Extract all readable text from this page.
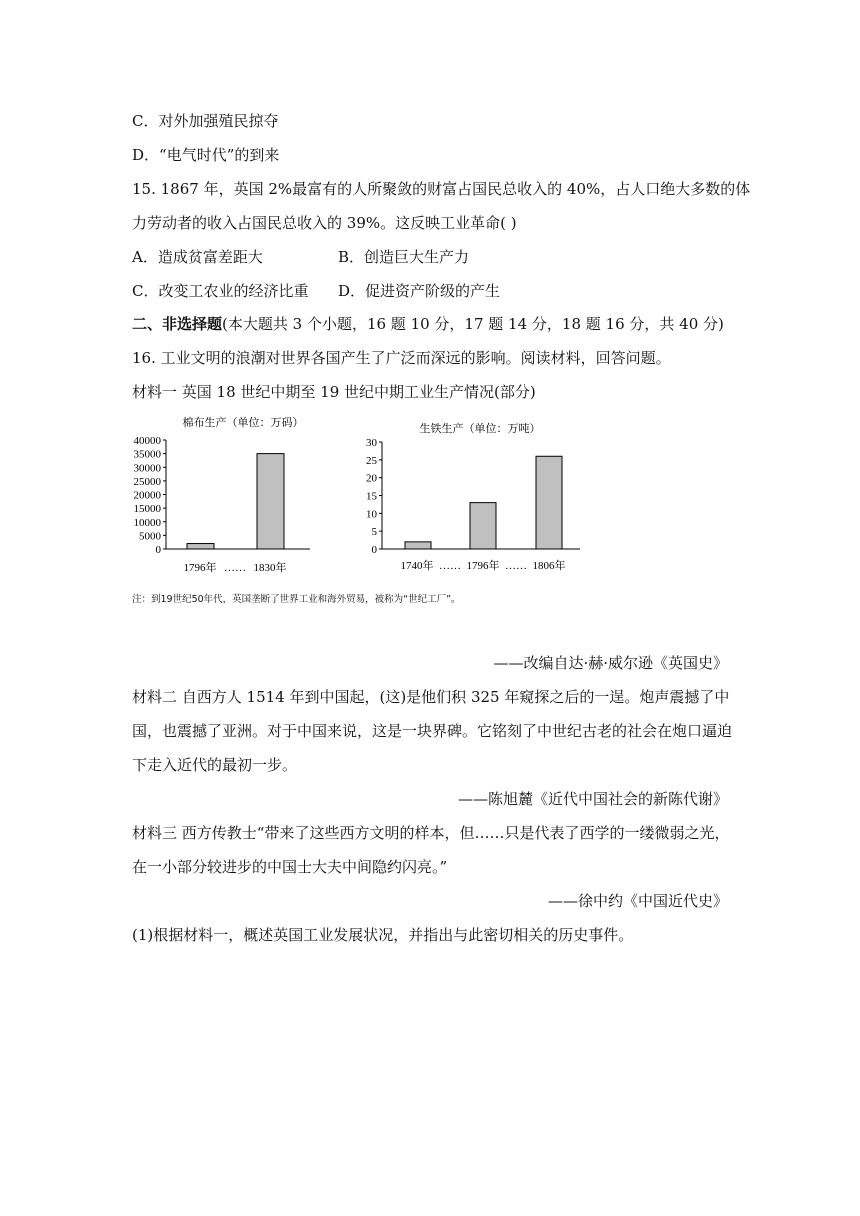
C．对外加强殖民掠夺
D．“电气时代”的到来
15. 1867 年，英国 2%最富有的人所聚敛的财富占国民总收入的 40%，占人口绝大多数的体
力劳动者的收入占国民总收入的 39%。这反映工业革命( )
A．造成贫富差距大	B．创造巨大生产力
C．改变工农业的经济比重 D．促进资产阶级的产生
二、非选择题(本大题共 3 个小题，16 题 10 分，17 题 14 分，18 题 16 分，共 40 分)
16. 工业文明的浪潮对世界各国产生了广泛而深远的影响。阅读材料，回答问题。
材料一 英国 18 世纪中期至 19 世纪中期工业生产情况(部分)
棉布生产（单位：万码）
40000
35000
30000
25000
20000
15000
10000
5000
0
1796年	1830年
……
生铁生产（单位：万吨）
30
25
20
15
10
5
0
1740年	1796年	1806年
……	……
注：到19世纪50年代，英国垄断了世界工业和海外贸易，被称为“世纪工厂”。
——改编自达·赫·威尔逊《英国史》
材料二 自西方人 1514 年到中国起，(这)是他们积 325 年窥探之后的一逞。炮声震撼了中
国，也震撼了亚洲。对于中国来说，这是一块界碑。它铭刻了中世纪古老的社会在炮口逼迫
下走入近代的最初一步。
——陈旭麓《近代中国社会的新陈代谢》
材料三 西方传教士“带来了这些西方文明的样本，但……只是代表了西学的一缕微弱之光，
在一小部分较进步的中国士大夫中间隐约闪亮。”
——徐中约《中国近代史》
(1)根据材料一，概述英国工业发展状况，并指出与此密切相关的历史事件。
